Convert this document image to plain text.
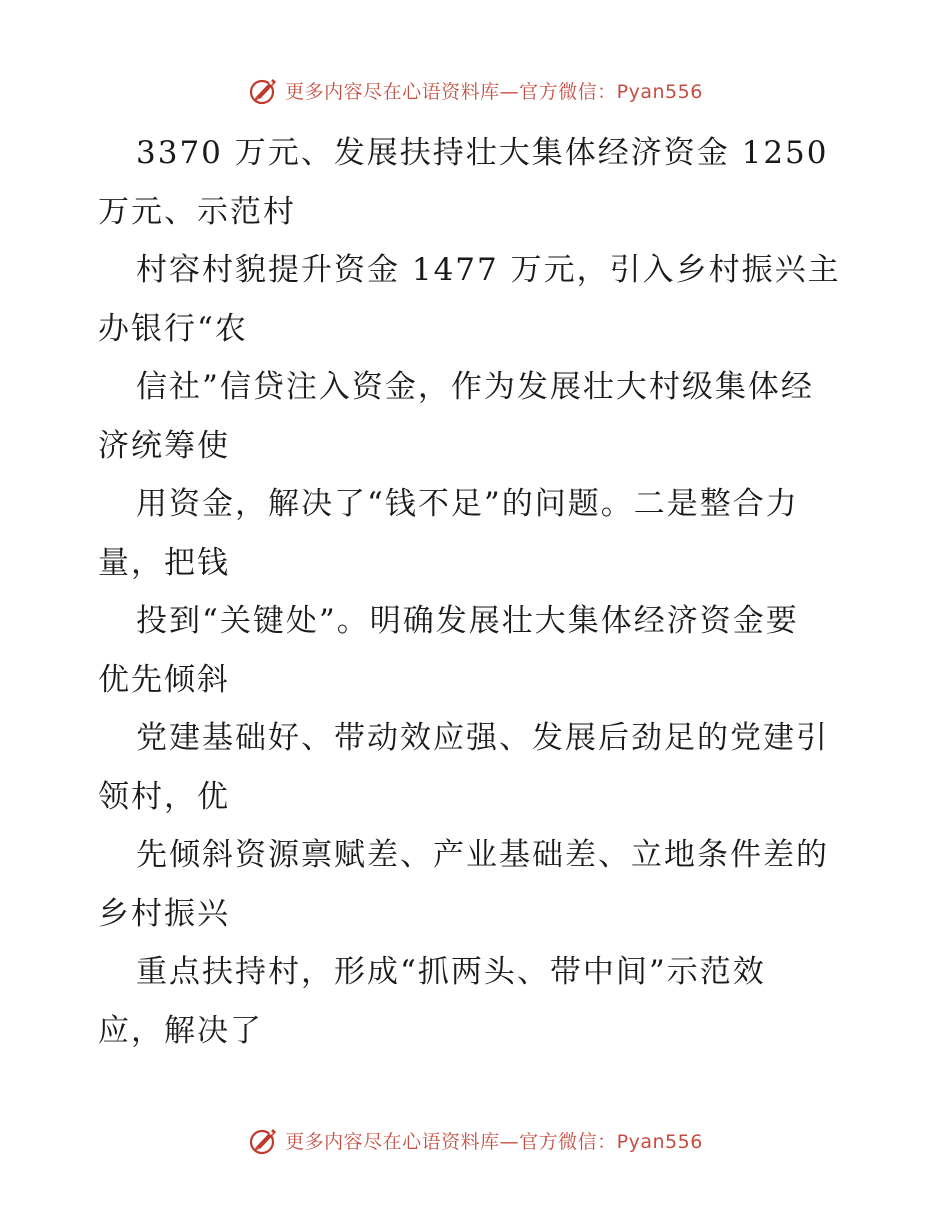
更多内容尽在心语资料库—官方微信：Pyan556
3370 万元、发展扶持壮大集体经济资金 1250
万元、示范村
村容村貌提升资金 1477 万元，引入乡村振兴主
办银行“农
信社”信贷注入资金，作为发展壮大村级集体经
济统筹使
用资金，解决了“钱不足”的问题。二是整合力
量，把钱
投到“关键处”。明确发展壮大集体经济资金要
优先倾斜
党建基础好、带动效应强、发展后劲足的党建引
领村，优
先倾斜资源禀赋差、产业基础差、立地条件差的
乡村振兴
重点扶持村，形成“抓两头、带中间”示范效
应，解决了
更多内容尽在心语资料库—官方微信：Pyan556
